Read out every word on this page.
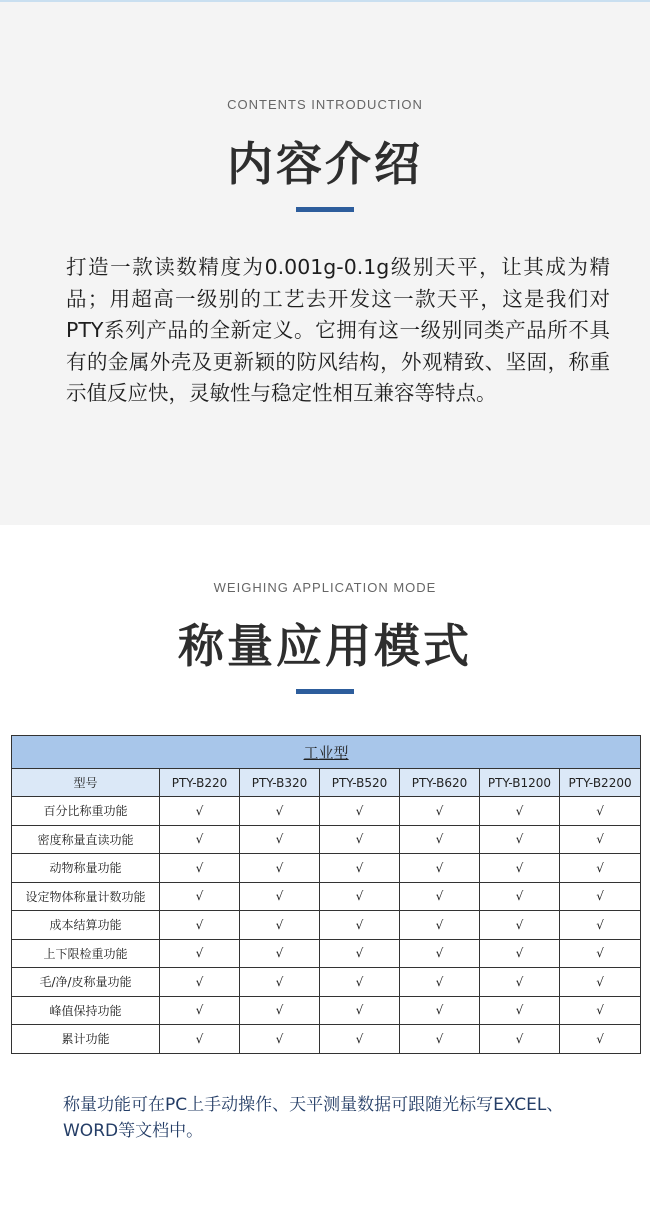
CONTENTS INTRODUCTION
内容介绍

打造一款读数精度为0.001g-0.1g级别天平，让其成为精品；用超高一级别的工艺去开发这一款天平，这是我们对PTY系列产品的全新定义。它拥有这一级别同类产品所不具有的金属外壳及更新颖的防风结构，外观精致、坚固，称重示值反应快，灵敏性与稳定性相互兼容等特点。

WEIGHING APPLICATION MODE
称量应用模式
工业型						
型号	PTY-B220	PTY-B320	PTY-B520	PTY-B620	PTY-B1200	PTY-B2200
百分比称重功能	√	√	√	√	√	√
密度称量直读功能	√	√	√	√	√	√
动物称量功能	√	√	√	√	√	√
设定物体称量计数功能	√	√	√	√	√	√
成本结算功能	√	√	√	√	√	√
上下限检重功能	√	√	√	√	√	√
毛/净/皮称量功能	√	√	√	√	√	√
峰值保持功能	√	√	√	√	√	√
累计功能	√	√	√	√	√	√

称量功能可在PC上手动操作、天平测量数据可跟随光标写EXCEL、WORD等文档中。
